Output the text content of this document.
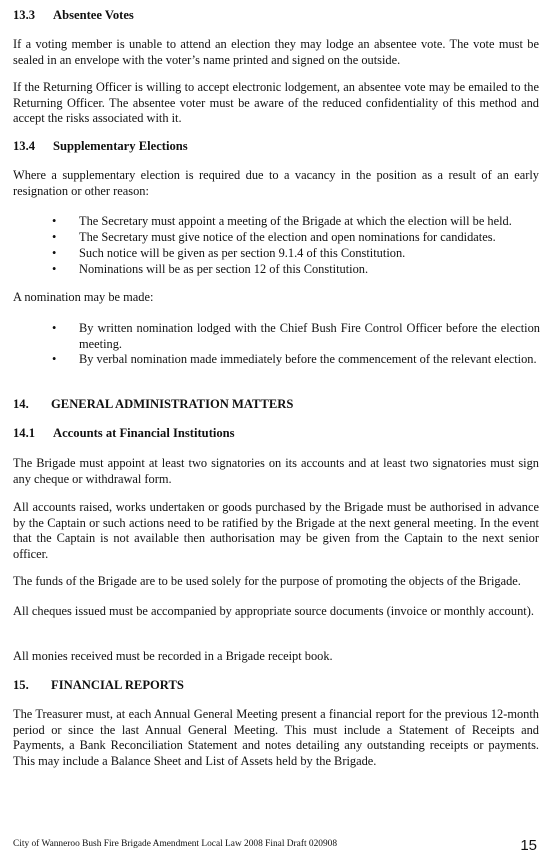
13.3 Absentee Votes
If a voting member is unable to attend an election they may lodge an absentee vote. The vote must be sealed in an envelope with the voter’s name printed and signed on the outside.
If the Returning Officer is willing to accept electronic lodgement, an absentee vote may be emailed to the Returning Officer. The absentee voter must be aware of the reduced confidentiality of this method and accept the risks associated with it.
13.4 Supplementary Elections
Where a supplementary election is required due to a vacancy in the position as a result of an early resignation or other reason:
•	The Secretary must appoint a meeting of the Brigade at which the election will be held.
•	The Secretary must give notice of the election and open nominations for candidates.
•	Such notice will be given as per section 9.1.4 of this Constitution.
•	Nominations will be as per section 12 of this Constitution.
A nomination may be made:
•	By written nomination lodged with the Chief Bush Fire Control Officer before the election meeting.
•	By verbal nomination made immediately before the commencement of the relevant election.
14. GENERAL ADMINISTRATION MATTERS
14.1 Accounts at Financial Institutions
The Brigade must appoint at least two signatories on its accounts and at least two signatories must sign any cheque or withdrawal form.
All accounts raised, works undertaken or goods purchased by the Brigade must be authorised in advance by the Captain or such actions need to be ratified by the Brigade at the next general meeting. In the event that the Captain is not available then authorisation may be given from the Captain to the next senior officer.
The funds of the Brigade are to be used solely for the purpose of promoting the objects of the Brigade.
All cheques issued must be accompanied by appropriate source documents (invoice or monthly account).
All monies received must be recorded in a Brigade receipt book.
15. FINANCIAL REPORTS
The Treasurer must, at each Annual General Meeting present a financial report for the previous 12-month period or since the last Annual General Meeting. This must include a Statement of Receipts and Payments, a Bank Reconciliation Statement and notes detailing any outstanding receipts or payments. This may include a Balance Sheet and List of Assets held by the Brigade.
City of Wanneroo Bush Fire Brigade Amendment Local Law 2008 Final Draft 020908	15
